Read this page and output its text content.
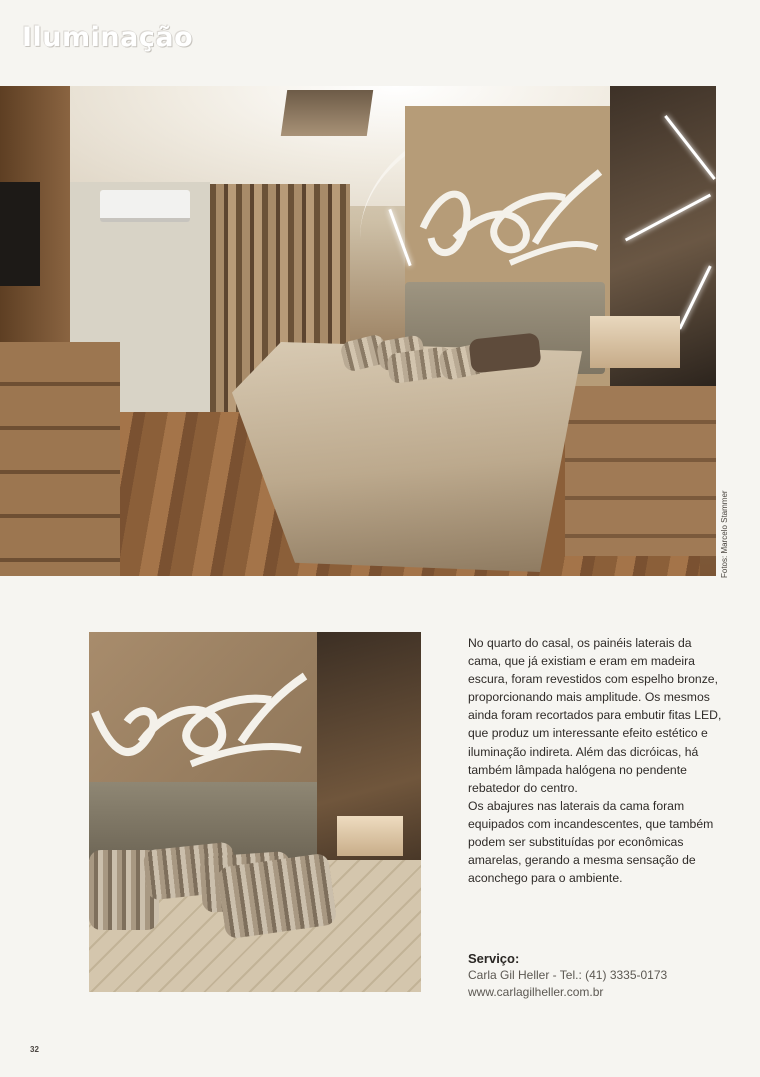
Iluminação
Fotos: Marcelo Stammer

No quarto do casal, os painéis laterais da cama, que já existiam e eram em madeira escura, foram revestidos com espelho bronze, proporcionando mais amplitude. Os mesmos ainda foram recortados para embutir fitas LED, que produz um interessante efeito estético e iluminação indireta. Além das dicróicas, há também lâmpada halógena no pendente rebatedor do centro.

Os abajures nas laterais da cama foram equipados com incandescentes, que também podem ser substituídas por econômicas amarelas, gerando a mesma sensação de aconchego para o ambiente.

Serviço:
Carla Gil Heller - Tel.: (41) 3335-0173
www.carlagilheller.com.br
32
